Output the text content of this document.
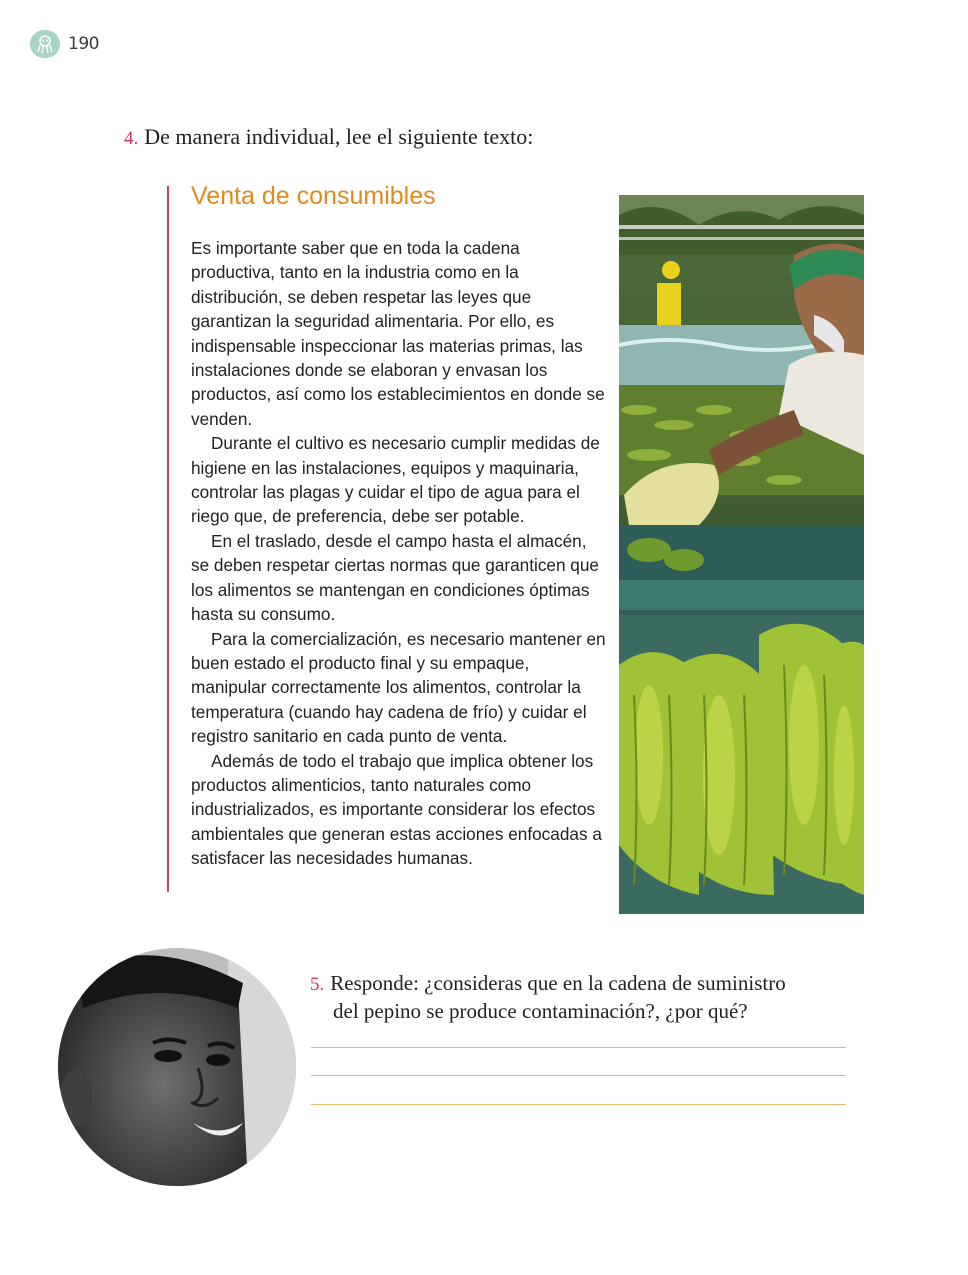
190
4. De manera individual, lee el siguiente texto:
Venta de consumibles

Es importante saber que en toda la cadena productiva, tanto en la industria como en la distribución, se deben respetar las leyes que garantizan la seguridad alimentaria. Por ello, es indispensable inspeccionar las materias primas, las instalaciones donde se elaboran y envasan los productos, así como los establecimientos en donde se venden.

Durante el cultivo es necesario cumplir medidas de higiene en las instalaciones, equipos y maquinaria, controlar las plagas y cuidar el tipo de agua para el riego que, de preferencia, debe ser potable.

En el traslado, desde el campo hasta el almacén, se deben respetar ciertas normas que garanticen que los alimentos se mantengan en condiciones óptimas hasta su consumo.

Para la comercialización, es necesario mantener en buen estado el producto final y su empaque, manipular correctamente los alimentos, controlar la temperatura (cuando hay cadena de frío) y cuidar el registro sanitario en cada punto de venta.

Además de todo el trabajo que implica obtener los productos alimenticios, tanto naturales como industrializados, es importante considerar los efectos ambientales que generan estas acciones enfocadas a satisfacer las necesidades humanas.

5. Responde: ¿consideras que en la cadena de suministro
del pepino se produce contaminación?, ¿por qué?
